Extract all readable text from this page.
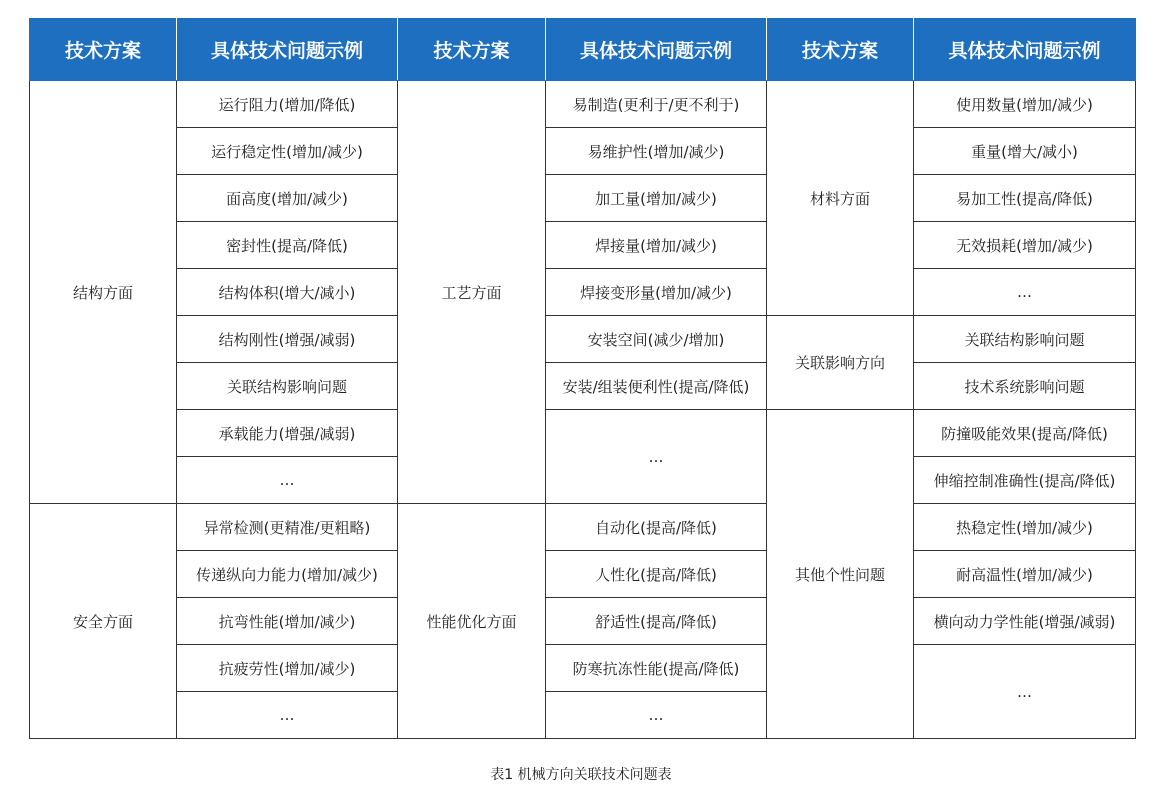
技术方案	具体技术问题示例	技术方案	具体技术问题示例	技术方案	具体技术问题示例
结构方面	运行阻力(增加/降低)	工艺方面	易制造(更利于/更不利于)	材料方面	使用数量(增加/减少)
	运行稳定性(增加/减少)		易维护性(增加/减少)		重量(增大/减小)
	面高度(增加/减少)		加工量(增加/减少)		易加工性(提高/降低)
	密封性(提高/降低)		焊接量(增加/减少)		无效损耗(增加/减少)
	结构体积(增大/减小)		焊接变形量(增加/减少)		…
	结构刚性(增强/减弱)		安装空间(减少/增加)	关联影响方向	关联结构影响问题
	关联结构影响问题		安装/组装便利性(提高/降低)		技术系统影响问题
	承载能力(增强/减弱)		…	其他个性问题	防撞吸能效果(提高/降低)
	…				伸缩控制准确性(提高/降低)
安全方面	异常检测(更精准/更粗略)	性能优化方面	自动化(提高/降低)		热稳定性(增加/减少)
	传递纵向力能力(增加/减少)		人性化(提高/降低)		耐高温性(增加/减少)
	抗弯性能(增加/减少)		舒适性(提高/降低)		横向动力学性能(增强/减弱)
	抗疲劳性(增加/减少)		防寒抗冻性能(提高/降低)		…
	…		…		
表1 机械方向关联技术问题表
